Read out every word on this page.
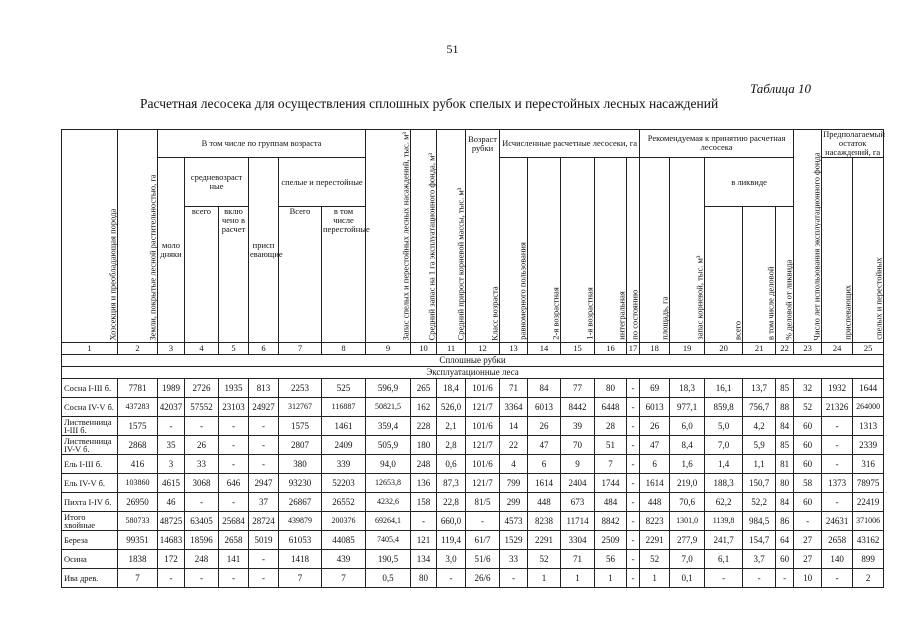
51
Таблица 10
Расчетная лесосека для осуществления сплошных рубок спелых и перестойных лесных насаждений
Хозсекция и преобладающая порода	Земли, покрытые лесной растительностью, га	В том числе по группам возраста						Запас спелых и перестойных лесных насаждений, тыс. м³	Средний запас на 1 га эксплуатационного фонда, м³	Средний прирост корневой массы, тыс. м³	Возраст рубки	Исчисленные расчетные лесосеки, га					Рекомендуемая к принятию расчетная лесосека					Число лет использования эксплуатационного фонда	Предполагаемый остаток насаждений, га	
		моло дняки	средневозраст ные		присп евающие	спелые и перестойные					Класс возраста	равномерного пользования	2-я возрастная	1-я возрастная	интегральная	по состоянию	площадь, га	запас корневой, тыс. м³	в ликвиде				приспевающих	спелых и перестойных
			всего	вклю чено в расчет		Всего	в том числе перестойные												всего	в том числе деловой	% деловой от ликвида			
1	2	3	4	5	6	7	8	9	10	11	12	13	14	15	16	17	18	19	20	21	22	23	24	25
Сплошные рубки																								
Эксплуатационные леса																								
Сосна I-III б.	7781	1989	2726	1935	813	2253	525	596,9	265	18,4	101/6	71	84	77	80	-	69	18,3	16,1	13,7	85	32	1932	1644
Сосна IV-V б.	437283	42037	57552	23103	24927	312767	116887	50821,5	162	526,0	121/7	3364	6013	8442	6448	-	6013	977,1	859,8	756,7	88	52	21326	264000
Лиственница I-III б.	1575	-	-	-	-	1575	1461	359,4	228	2,1	101/6	14	26	39	28	-	26	6,0	5,0	4,2	84	60	-	1313
Лиственница IV-V б.	2868	35	26	-	-	2807	2409	505,9	180	2,8	121/7	22	47	70	51	-	47	8,4	7,0	5,9	85	60	-	2339
Ель I-III б.	416	3	33	-	-	380	339	94,0	248	0,6	101/6	4	6	9	7	-	6	1,6	1,4	1,1	81	60	-	316
Ель IV-V б.	103860	4615	3068	646	2947	93230	52203	12653,8	136	87,3	121/7	799	1614	2404	1744	-	1614	219,0	188,3	150,7	80	58	1373	78975
Пихта I-IV б.	26950	46	-	-	37	26867	26552	4232,6	158	22,8	81/5	299	448	673	484	-	448	70,6	62,2	52,2	84	60	-	22419
Итого хвойные	580733	48725	63405	25684	28724	439879	200376	69264,1	-	660,0	-	4573	8238	11714	8842	-	8223	1301,0	1139,8	984,5	86	-	24631	371006
Береза	99351	14683	18596	2658	5019	61053	44085	7405,4	121	119,4	61/7	1529	2291	3304	2509	-	2291	277,9	241,7	154,7	64	27	2658	43162
Осина	1838	172	248	141	-	1418	439	190,5	134	3,0	51/6	33	52	71	56	-	52	7,0	6,1	3,7	60	27	140	899
Ива древ.	7	-	-	-	-	7	7	0,5	80	-	26/6	-	1	1	1	-	1	0,1	-	-	-	10	-	2
